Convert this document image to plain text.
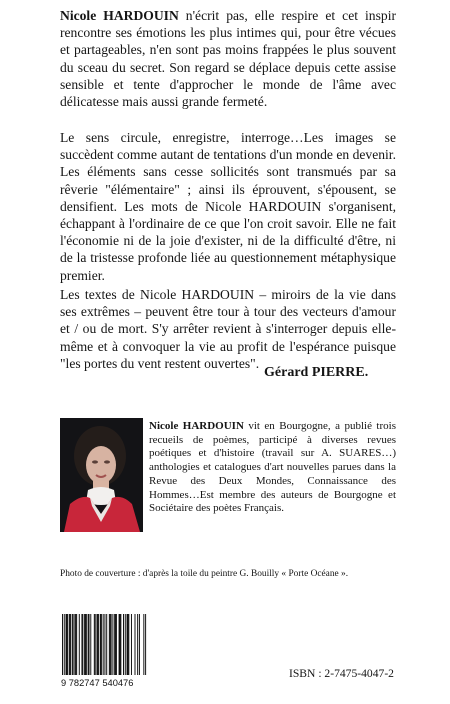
Nicole HARDOUIN n'écrit pas, elle respire et cet inspir rencontre ses émotions les plus intimes qui, pour être vécues et partageables, n'en sont pas moins frappées le plus souvent du sceau du secret. Son regard se déplace depuis cette assise sensible et tente d'approcher le monde de l'âme avec délicatesse mais aussi grande fermeté.

Le sens circule, enregistre, interroge…Les images se succèdent comme autant de tentations d'un monde en devenir. Les éléments sans cesse sollicités sont transmués par sa rêverie "élémentaire" ; ainsi ils éprouvent, s'épousent, se densifient. Les mots de Nicole HARDOUIN s'organisent, échappant à l'ordinaire de ce que l'on croit savoir. Elle ne fait l'économie ni de la joie d'exister, ni de la difficulté d'être, ni de la tristesse profonde liée au questionnement métaphysique premier.

Les textes de Nicole HARDOUIN – miroirs de la vie dans ses extrêmes – peuvent être tour à tour des vecteurs d'amour et / ou de mort. S'y arrêter revient à s'interroger depuis elle-même et à convoquer la vie au profit de l'espérance puisque "les portes du vent restent ouvertes".

Gérard PIERRE.

Nicole HARDOUIN vit en Bourgogne, a publié trois recueils de poèmes, participé à diverses revues poétiques et d'histoire (travail sur A. SUARES…) anthologies et catalogues d'art nouvelles parues dans la Revue des Deux Mondes, Connaissance des Hommes…Est membre des auteurs de Bourgogne et Sociétaire des poètes Français.

Photo de couverture : d'après la toile du peintre G. Bouilly « Porte Océane ».
9 782747 540476
ISBN : 2-7475-4047-2
